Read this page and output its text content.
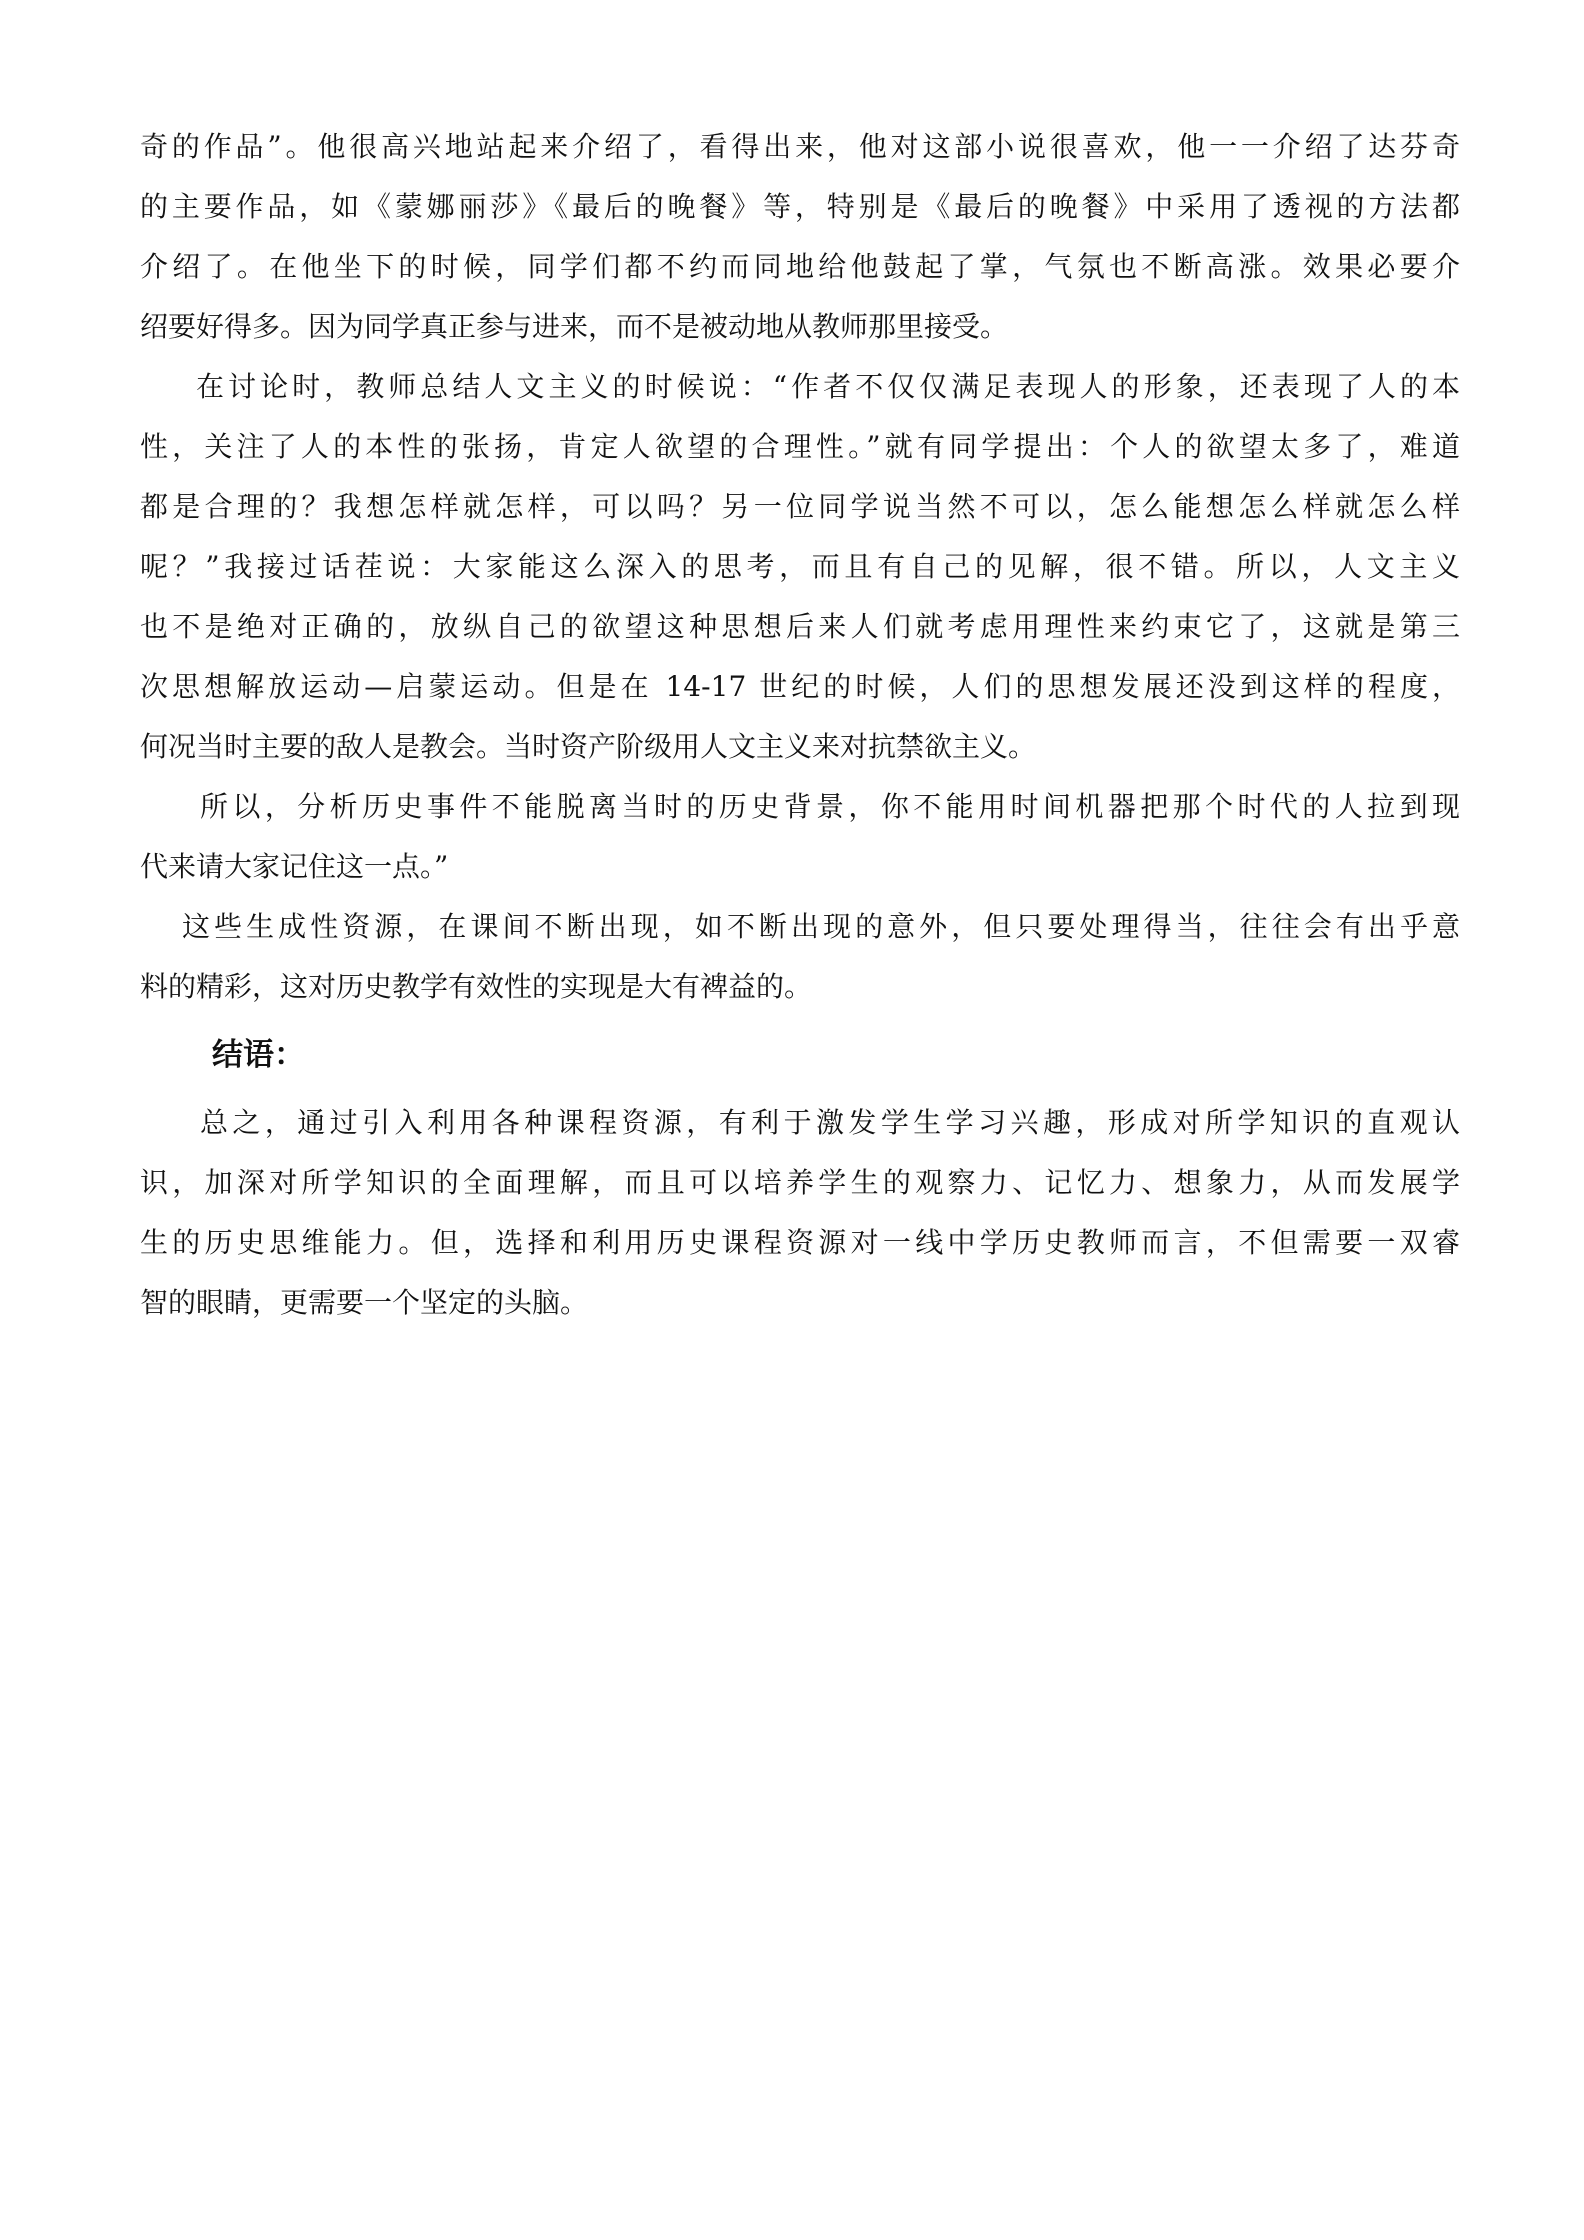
奇的作品”。他很高兴地站起来介绍了，看得出来，他对这部小说很喜欢，他一一介绍了达芬奇
的主要作品，如《蒙娜丽莎》《最后的晚餐》等，特别是《最后的晚餐》中采用了透视的方法都
介绍了。在他坐下的时候，同学们都不约而同地给他鼓起了掌，气氛也不断高涨。效果必要介
绍要好得多。因为同学真正参与进来，而不是被动地从教师那里接受。
在讨论时，教师总结人文主义的时候说：“作者不仅仅满足表现人的形象，还表现了人的本
性，关注了人的本性的张扬，肯定人欲望的合理性。”就有同学提出：个人的欲望太多了，难道
都是合理的？我想怎样就怎样，可以吗？另一位同学说当然不可以，怎么能想怎么样就怎么样
呢？”我接过话茬说：大家能这么深入的思考，而且有自己的见解，很不错。所以，人文主义
也不是绝对正确的，放纵自己的欲望这种思想后来人们就考虑用理性来约束它了，这就是第三
次思想解放运动—启蒙运动。但是在 14-17 世纪的时候，人们的思想发展还没到这样的程度，
何况当时主要的敌人是教会。当时资产阶级用人文主义来对抗禁欲主义。
所以，分析历史事件不能脱离当时的历史背景，你不能用时间机器把那个时代的人拉到现
代来请大家记住这一点。”
这些生成性资源，在课间不断出现，如不断出现的意外，但只要处理得当，往往会有出乎意
料的精彩，这对历史教学有效性的实现是大有裨益的。
结语：
总之，通过引入利用各种课程资源，有利于激发学生学习兴趣，形成对所学知识的直观认
识，加深对所学知识的全面理解，而且可以培养学生的观察力、记忆力、想象力，从而发展学
生的历史思维能力。但，选择和利用历史课程资源对一线中学历史教师而言，不但需要一双睿
智的眼睛，更需要一个坚定的头脑。
